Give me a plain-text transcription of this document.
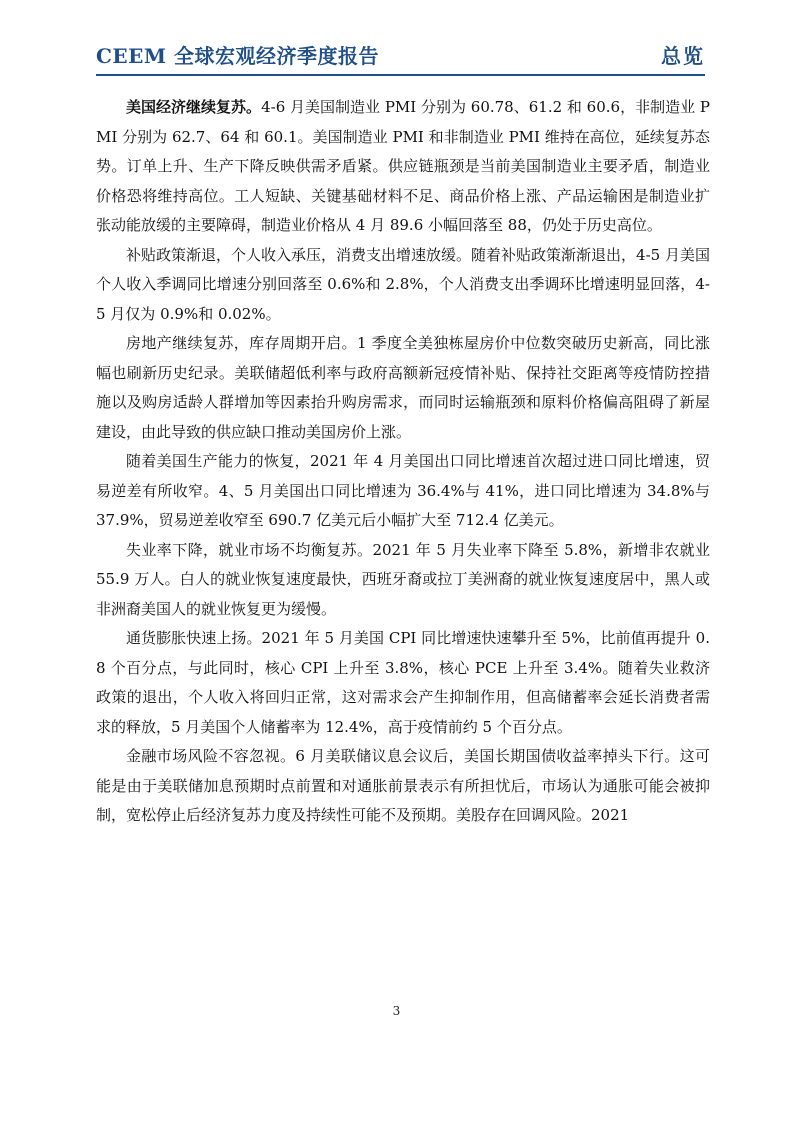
CEEM 全球宏观经济季度报告	总览

美国经济继续复苏。4-6 月美国制造业 PMI 分别为 60.78、61.2 和 60.6，非制造业 PMI 分别为 62.7、64 和 60.1。美国制造业 PMI 和非制造业 PMI 维持在高位，延续复苏态势。订单上升、生产下降反映供需矛盾紧。供应链瓶颈是当前美国制造业主要矛盾，制造业价格恐将维持高位。工人短缺、关键基础材料不足、商品价格上涨、产品运输困是制造业扩张动能放缓的主要障碍，制造业价格从 4 月 89.6 小幅回落至 88，仍处于历史高位。

补贴政策渐退，个人收入承压，消费支出增速放缓。随着补贴政策渐渐退出，4-5 月美国个人收入季调同比增速分别回落至 0.6%和 2.8%，个人消费支出季调环比增速明显回落，4-5 月仅为 0.9%和 0.02%。

房地产继续复苏，库存周期开启。1 季度全美独栋屋房价中位数突破历史新高，同比涨幅也刷新历史纪录。美联储超低利率与政府高额新冠疫情补贴、保持社交距离等疫情防控措施以及购房适龄人群增加等因素抬升购房需求，而同时运输瓶颈和原料价格偏高阻碍了新屋建设，由此导致的供应缺口推动美国房价上涨。

随着美国生产能力的恢复，2021 年 4 月美国出口同比增速首次超过进口同比增速，贸易逆差有所收窄。4、5 月美国出口同比增速为 36.4%与 41%，进口同比增速为 34.8%与 37.9%，贸易逆差收窄至 690.7 亿美元后小幅扩大至 712.4 亿美元。

失业率下降，就业市场不均衡复苏。2021 年 5 月失业率下降至 5.8%，新增非农就业 55.9 万人。白人的就业恢复速度最快，西班牙裔或拉丁美洲裔的就业恢复速度居中，黑人或非洲裔美国人的就业恢复更为缓慢。

通货膨胀快速上扬。2021 年 5 月美国 CPI 同比增速快速攀升至 5%，比前值再提升 0.8 个百分点，与此同时，核心 CPI 上升至 3.8%，核心 PCE 上升至 3.4%。随着失业救济政策的退出，个人收入将回归正常，这对需求会产生抑制作用，但高储蓄率会延长消费者需求的释放，5 月美国个人储蓄率为 12.4%，高于疫情前约 5 个百分点。

金融市场风险不容忽视。6 月美联储议息会议后，美国长期国债收益率掉头下行。这可能是由于美联储加息预期时点前置和对通胀前景表示有所担忧后，市场认为通胀可能会被抑制，宽松停止后经济复苏力度及持续性可能不及预期。美股存在回调风险。2021

3
